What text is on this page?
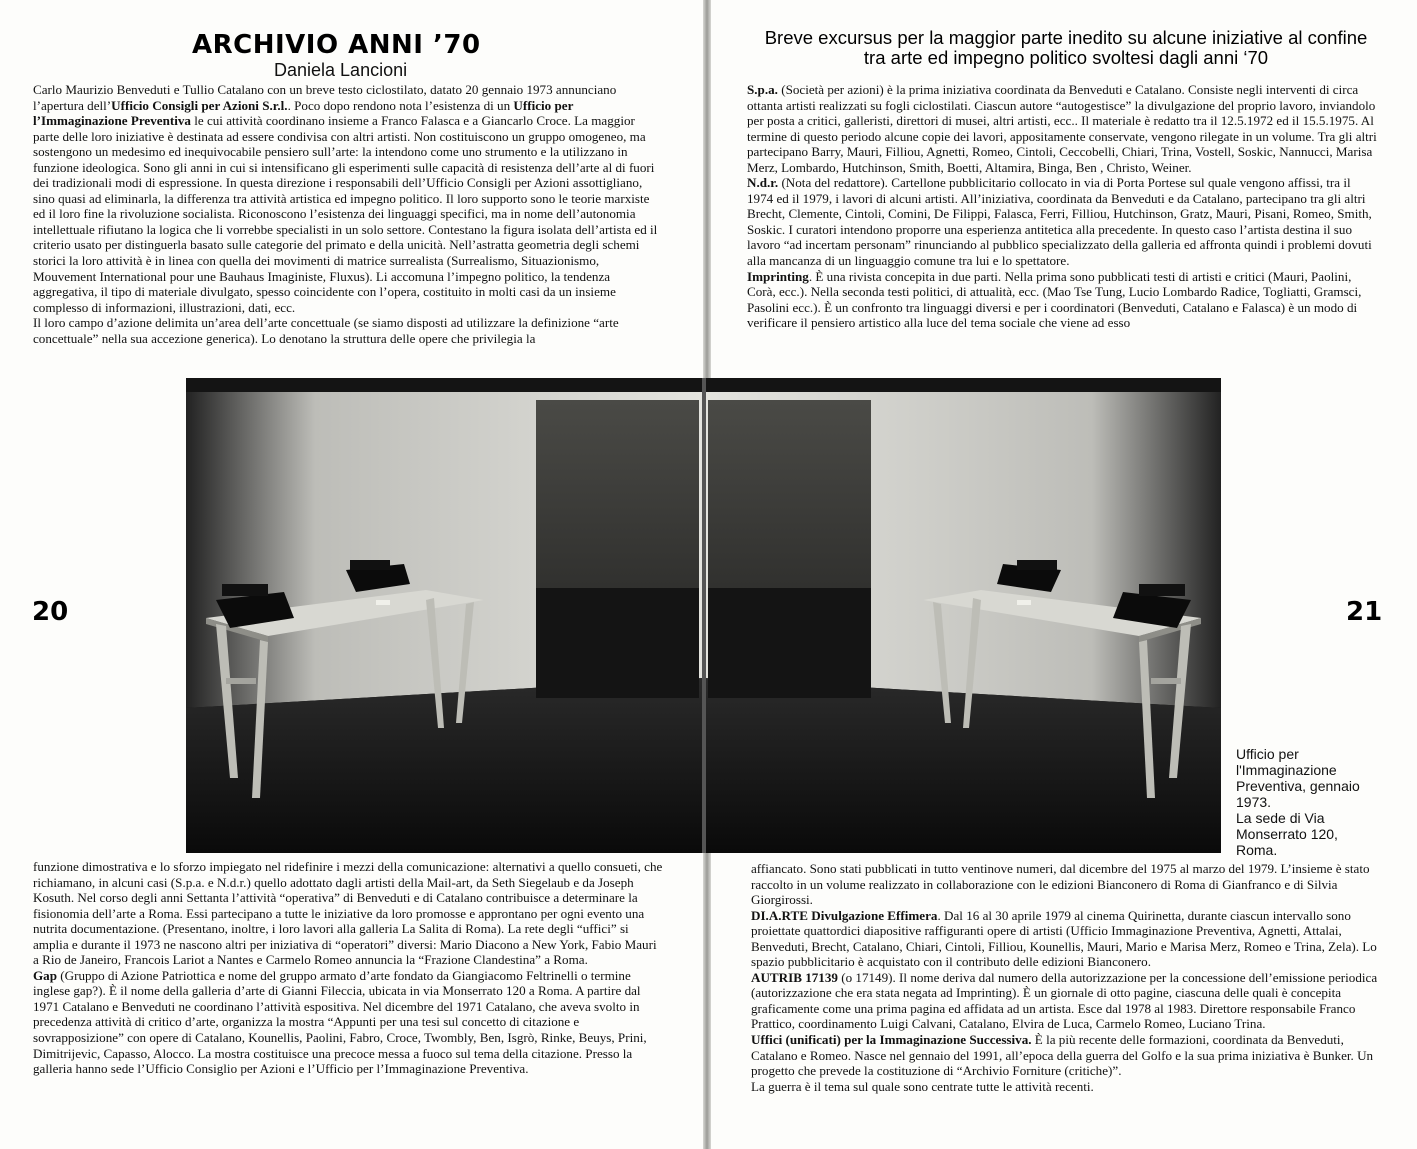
ARCHIVIO ANNI ’70
Daniela Lancioni

Carlo Maurizio Benveduti e Tullio Catalano con un breve testo ciclostilato, datato 20 gennaio 1973 annunciano l’apertura dell’Ufficio Consigli per Azioni S.r.l.. Poco dopo rendono nota l’esistenza di un Ufficio per l’Immaginazione Preventiva le cui attività coordinano insieme a Franco Falasca e a Giancarlo Croce. La maggior parte delle loro iniziative è destinata ad essere condivisa con altri artisti. Non costituiscono un gruppo omogeneo, ma sostengono un medesimo ed inequivocabile pensiero sull’arte: la intendono come uno strumento e la utilizzano in funzione ideologica. Sono gli anni in cui si intensificano gli esperimenti sulle capacità di resistenza dell’arte al di fuori dei tradizionali modi di espressione. In questa direzione i responsabili dell’Ufficio Consigli per Azioni assottigliano, sino quasi ad eliminarla, la differenza tra attività artistica ed impegno politico. Il loro supporto sono le teorie marxiste ed il loro fine la rivoluzione socialista. Riconoscono l’esistenza dei linguaggi specifici, ma in nome dell’autonomia intellettuale rifiutano la logica che li vorrebbe specialisti in un solo settore. Contestano la figura isolata dell’artista ed il criterio usato per distinguerla basato sulle categorie del primato e della unicità. Nell’astratta geometria degli schemi storici la loro attività è in linea con quella dei movimenti di matrice surrealista (Surrealismo, Situazionismo, Mouvement International pour une Bauhaus Imaginiste, Fluxus). Li accomuna l’impegno politico, la tendenza aggregativa, il tipo di materiale divulgato, spesso coincidente con l’opera, costituito in molti casi da un insieme complesso di informazioni, illustrazioni, dati, ecc.

Il loro campo d’azione delimita un’area dell’arte concettuale (se siamo disposti ad utilizzare la definizione “arte concettuale” nella sua accezione generica). Lo denotano la struttura delle opere che privilegia la

funzione dimostrativa e lo sforzo impiegato nel ridefinire i mezzi della comunicazione: alternativi a quello consueti, che richiamano, in alcuni casi (S.p.a. e N.d.r.) quello adottato dagli artisti della Mail-art, da Seth Siegelaub e da Joseph Kosuth. Nel corso degli anni Settanta l’attività “operativa” di Benveduti e di Catalano contribuisce a determinare la fisionomia dell’arte a Roma. Essi partecipano a tutte le iniziative da loro promosse e approntano per ogni evento una nutrita documentazione. (Presentano, inoltre, i loro lavori alla galleria La Salita di Roma). La rete degli “uffici” si amplia e durante il 1973 ne nascono altri per iniziativa di “operatori” diversi: Mario Diacono a New York, Fabio Mauri a Rio de Janeiro, Francois Lariot a Nantes e Carmelo Romeo annuncia la “Frazione Clandestina” a Roma.

Gap (Gruppo di Azione Patriottica e nome del gruppo armato d’arte fondato da Giangiacomo Feltrinelli o termine inglese gap?). È il nome della galleria d’arte di Gianni Fileccia, ubicata in via Monserrato 120 a Roma. A partire dal 1971 Catalano e Benveduti ne coordinano l’attività espositiva. Nel dicembre del 1971 Catalano, che aveva svolto in precedenza attività di critico d’arte, organizza la mostra “Appunti per una tesi sul concetto di citazione e sovrapposizione” con opere di Catalano, Kounellis, Paolini, Fabro, Croce, Twombly, Ben, Isgrò, Rinke, Beuys, Prini, Dimitrijevic, Capasso, Alocco. La mostra costituisce una precoce messa a fuoco sul tema della citazione. Presso la galleria hanno sede l’Ufficio Consiglio per Azioni e l’Ufficio per l’Immaginazione Preventiva.

20
Breve excursus per la maggior parte inedito su alcune iniziative al confine tra arte ed impegno politico svoltesi dagli anni ‘70

S.p.a. (Società per azioni) è la prima iniziativa coordinata da Benveduti e Catalano. Consiste negli interventi di circa ottanta artisti realizzati su fogli ciclostilati. Ciascun autore “autogestisce” la divulgazione del proprio lavoro, inviandolo per posta a critici, galleristi, direttori di musei, altri artisti, ecc.. Il materiale è redatto tra il 12.5.1972 ed il 15.5.1975. Al termine di questo periodo alcune copie dei lavori, appositamente conservate, vengono rilegate in un volume. Tra gli altri partecipano Barry, Mauri, Filliou, Agnetti, Romeo, Cintoli, Ceccobelli, Chiari, Trina, Vostell, Soskic, Nannucci, Marisa Merz, Lombardo, Hutchinson, Smith, Boetti, Altamira, Binga, Ben , Christo, Weiner.

N.d.r. (Nota del redattore). Cartellone pubblicitario collocato in via di Porta Portese sul quale vengono affissi, tra il 1974 ed il 1979, i lavori di alcuni artisti. All’iniziativa, coordinata da Benveduti e da Catalano, partecipano tra gli altri Brecht, Clemente, Cintoli, Comini, De Filippi, Falasca, Ferri, Filliou, Hutchinson, Gratz, Mauri, Pisani, Romeo, Smith, Soskic. I curatori intendono proporre una esperienza antitetica alla precedente. In questo caso l’artista destina il suo lavoro “ad incertam personam” rinunciando al pubblico specializzato della galleria ed affronta quindi i problemi dovuti alla mancanza di un linguaggio comune tra lui e lo spettatore.

Imprinting. È una rivista concepita in due parti. Nella prima sono pubblicati testi di artisti e critici (Mauri, Paolini, Corà, ecc.). Nella seconda testi politici, di attualità, ecc. (Mao Tse Tung, Lucio Lombardo Radice, Togliatti, Gramsci, Pasolini ecc.). È un confronto tra linguaggi diversi e per i coordinatori (Benveduti, Catalano e Falasca) è un modo di verificare il pensiero artistico alla luce del tema sociale che viene ad esso

affiancato. Sono stati pubblicati in tutto ventinove numeri, dal dicembre del 1975 al marzo del 1979. L’insieme è stato raccolto in un volume realizzato in collaborazione con le edizioni Bianconero di Roma di Gianfranco e di Silvia Giorgirossi.

DI.A.RTE Divulgazione Effimera. Dal 16 al 30 aprile 1979 al cinema Quirinetta, durante ciascun intervallo sono proiettate quattordici diapositive raffiguranti opere di artisti (Ufficio Immaginazione Preventiva, Agnetti, Attalai, Benveduti, Brecht, Catalano, Chiari, Cintoli, Filliou, Kounellis, Mauri, Mario e Marisa Merz, Romeo e Trina, Zela). Lo spazio pubblicitario è acquistato con il contributo delle edizioni Bianconero.

AUTRIB 17139 (o 17149). Il nome deriva dal numero della autorizzazione per la concessione dell’emissione periodica (autorizzazione che era stata negata ad Imprinting). È un giornale di otto pagine, ciascuna delle quali è concepita graficamente come una prima pagina ed affidata ad un artista. Esce dal 1978 al 1983. Direttore responsabile Franco Prattico, coordinamento Luigi Calvani, Catalano, Elvira de Luca, Carmelo Romeo, Luciano Trina.

Uffici (unificati) per la Immaginazione Successiva. È la più recente delle formazioni, coordinata da Benveduti, Catalano e Romeo. Nasce nel gennaio del 1991, all’epoca della guerra del Golfo e la sua prima iniziativa è Bunker. Un progetto che prevede la costituzione di “Archivio Forniture (critiche)”.

La guerra è il tema sul quale sono centrate tutte le attività recenti.

21
Ufficio per
l'Immaginazione
Preventiva, gennaio
1973.
La sede di Via
Monserrato 120,
Roma.
